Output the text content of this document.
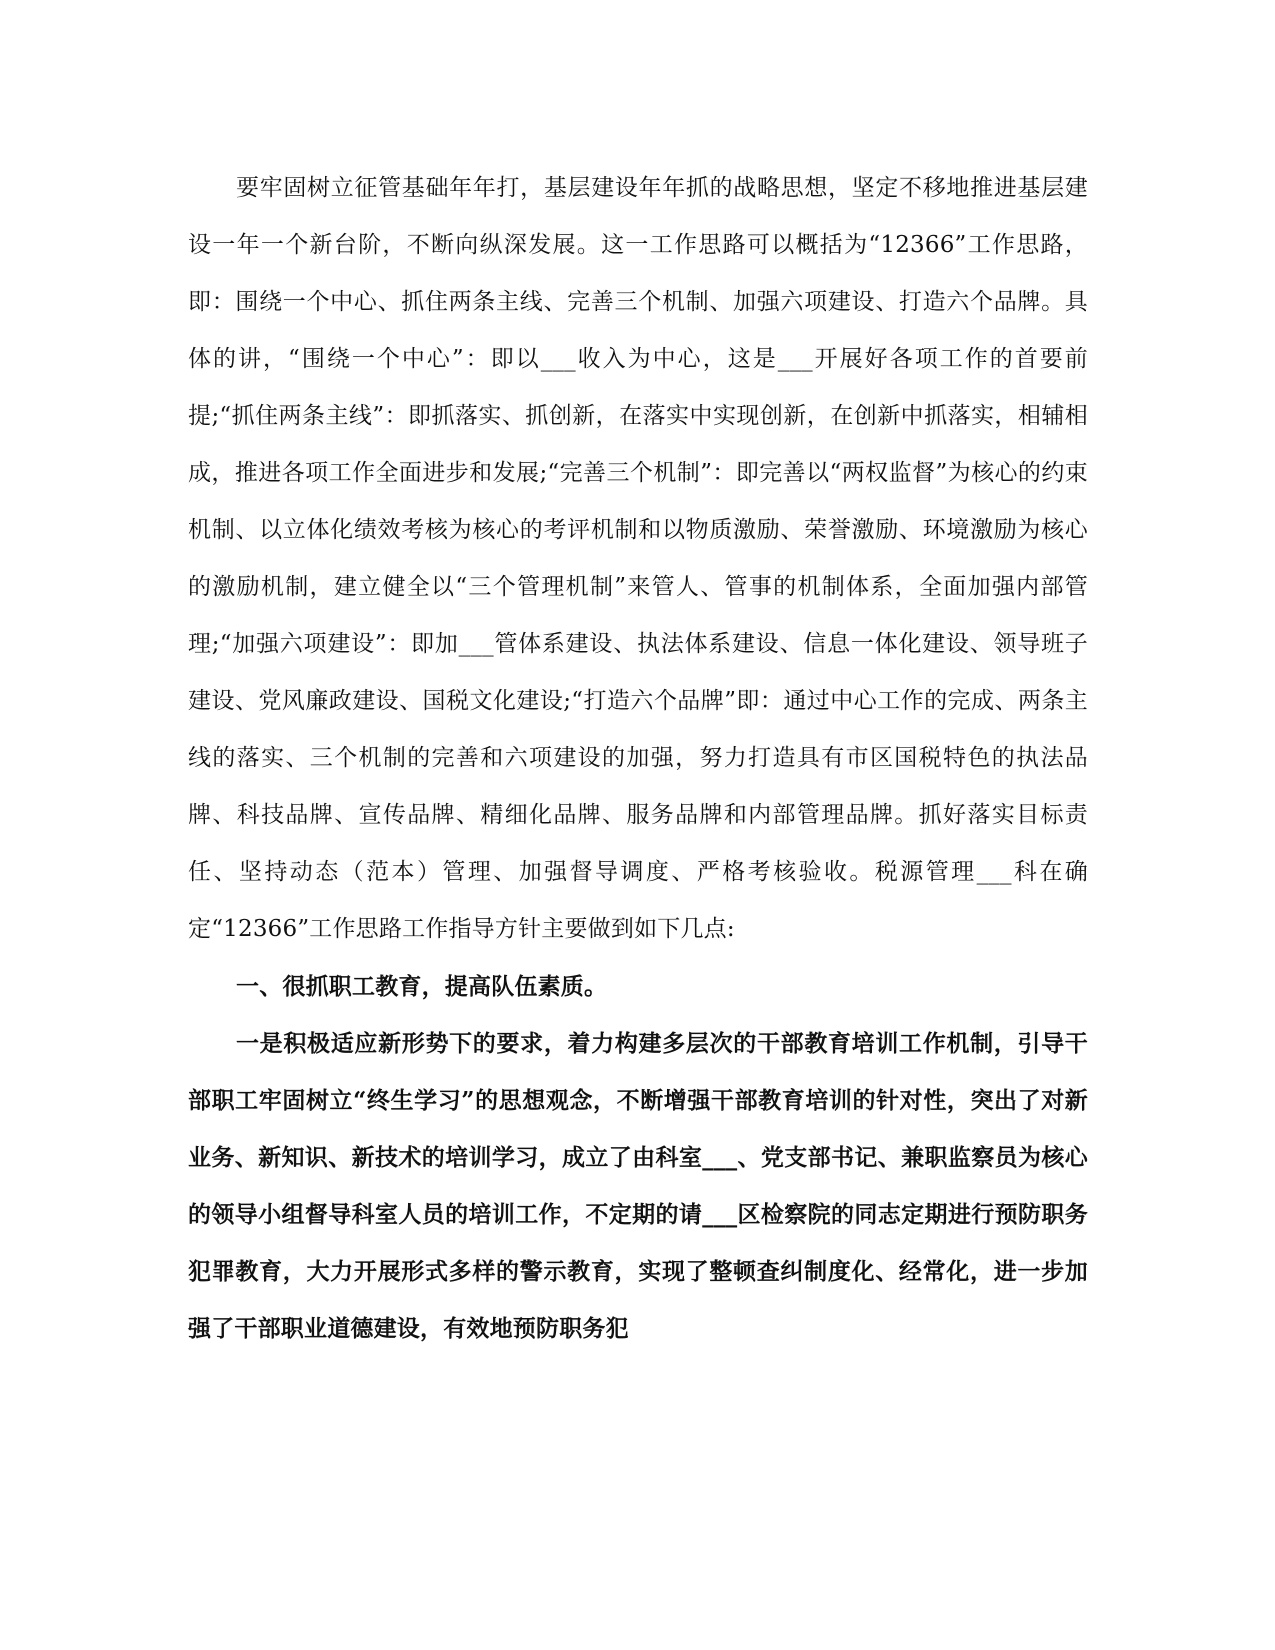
要牢固树立征管基础年年打，基层建设年年抓的战略思想，坚定不移地推进基层建设一年一个新台阶，不断向纵深发展。这一工作思路可以概括为“12366”工作思路，即：围绕一个中心、抓住两条主线、完善三个机制、加强六项建设、打造六个品牌。具体的讲，“围绕一个中心”：即以___收入为中心，这是___开展好各项工作的首要前提;“抓住两条主线”：即抓落实、抓创新，在落实中实现创新，在创新中抓落实，相辅相成，推进各项工作全面进步和发展;“完善三个机制”：即完善以“两权监督”为核心的约束机制、以立体化绩效考核为核心的考评机制和以物质激励、荣誉激励、环境激励为核心的激励机制，建立健全以“三个管理机制”来管人、管事的机制体系，全面加强内部管理;“加强六项建设”：即加___管体系建设、执法体系建设、信息一体化建设、领导班子建设、党风廉政建设、国税文化建设;“打造六个品牌”即：通过中心工作的完成、两条主线的落实、三个机制的完善和六项建设的加强，努力打造具有市区国税特色的执法品牌、科技品牌、宣传品牌、精细化品牌、服务品牌和内部管理品牌。抓好落实目标责任、坚持动态（范本）管理、加强督导调度、严格考核验收。税源管理___科在确定“12366”工作思路工作指导方针主要做到如下几点:

一、很抓职工教育，提高队伍素质。

一是积极适应新形势下的要求，着力构建多层次的干部教育培训工作机制，引导干部职工牢固树立“终生学习”的思想观念，不断增强干部教育培训的针对性，突出了对新业务、新知识、新技术的培训学习，成立了由科室___、党支部书记、兼职监察员为核心的领导小组督导科室人员的培训工作，不定期的请___区检察院的同志定期进行预防职务犯罪教育，大力开展形式多样的警示教育，实现了整顿查纠制度化、经常化，进一步加强了干部职业道德建设，有效地预防职务犯
